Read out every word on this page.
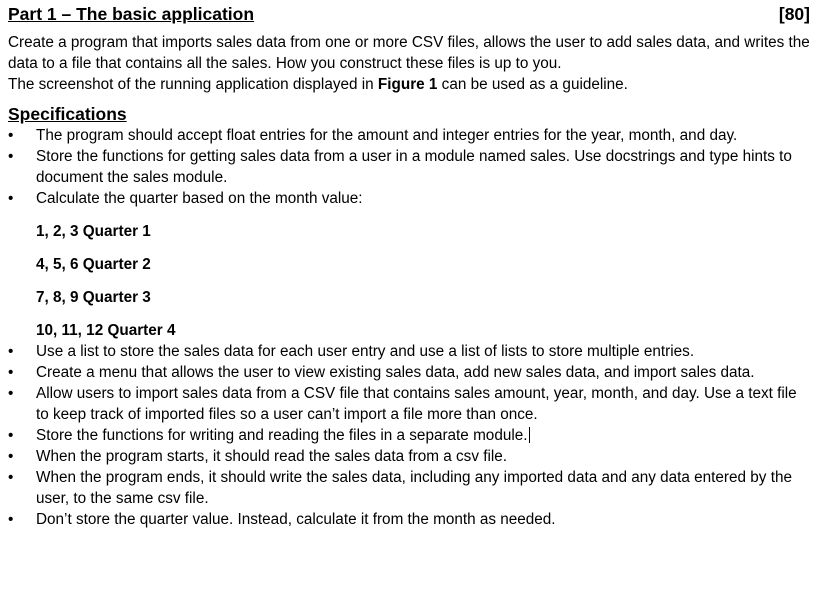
Part 1 – The basic application	[80]

Create a program that imports sales data from one or more CSV files, allows the user to add sales data, and writes the data to a file that contains all the sales. How you construct these files is up to you.

The screenshot of the running application displayed in Figure 1 can be used as a guideline.

Specifications
• The program should accept float entries for the amount and integer entries for the year, month, and day.
• Store the functions for getting sales data from a user in a module named sales. Use docstrings and type hints to document the sales module.
• Calculate the quarter based on the month value:
1, 2, 3 Quarter 1
4, 5, 6 Quarter 2
7, 8, 9 Quarter 3
10, 11, 12 Quarter 4
• Use a list to store the sales data for each user entry and use a list of lists to store multiple entries.
• Create a menu that allows the user to view existing sales data, add new sales data, and import sales data.
• Allow users to import sales data from a CSV file that contains sales amount, year, month, and day. Use a text file to keep track of imported files so a user can’t import a file more than once.
• Store the functions for writing and reading the files in a separate module.
• When the program starts, it should read the sales data from a csv file.
• When the program ends, it should write the sales data, including any imported data and any data entered by the user, to the same csv file.
• Don’t store the quarter value. Instead, calculate it from the month as needed.
